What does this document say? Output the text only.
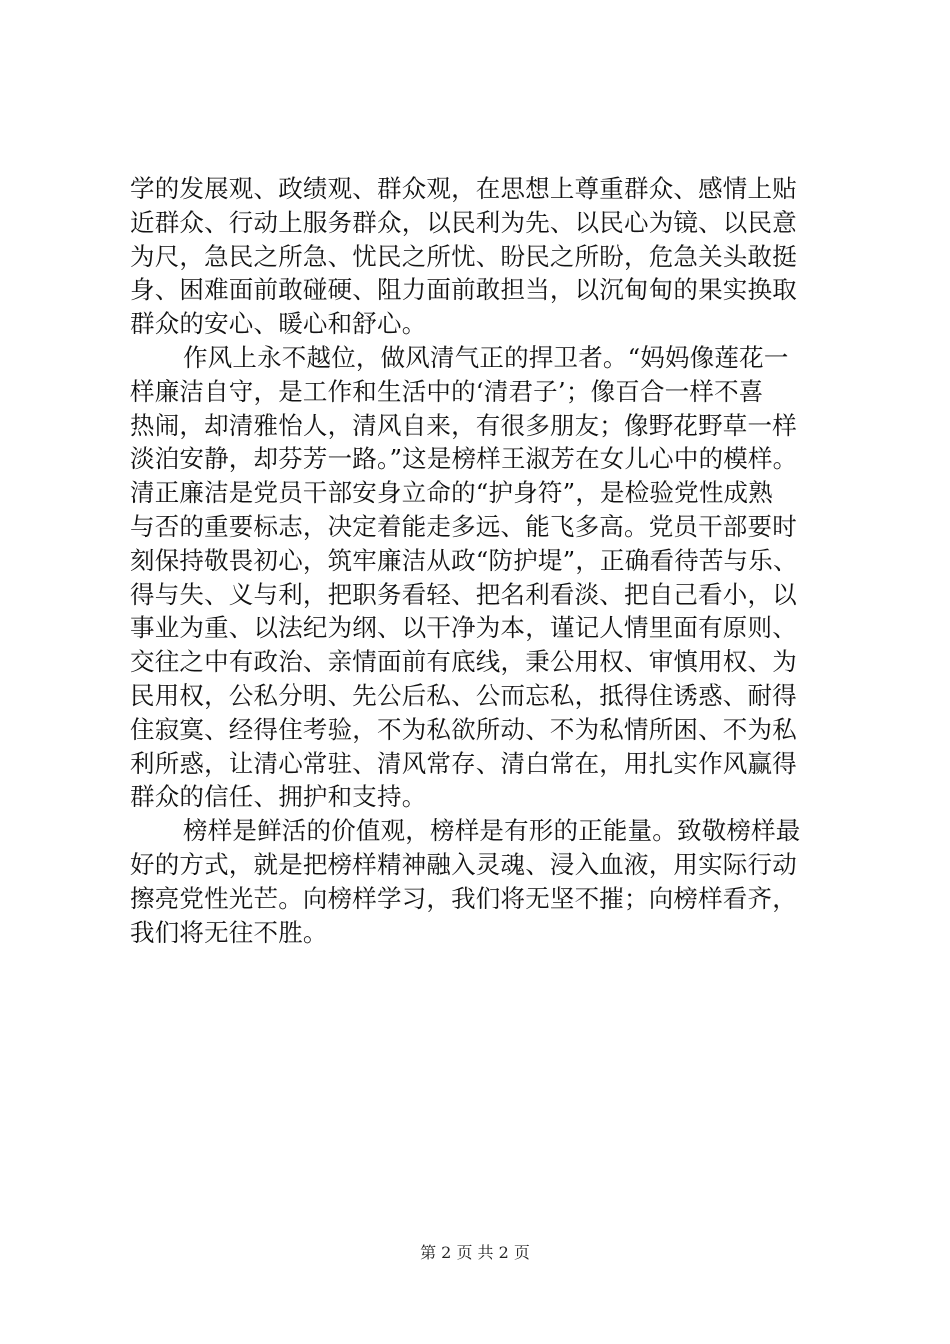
学的发展观、政绩观、群众观，在思想上尊重群众、感情上贴
近群众、行动上服务群众，以民利为先、以民心为镜、以民意
为尺，急民之所急、忧民之所忧、盼民之所盼，危急关头敢挺
身、困难面前敢碰硬、阻力面前敢担当，以沉甸甸的果实换取
群众的安心、暖心和舒心。
作风上永不越位，做风清气正的捍卫者。“妈妈像莲花一
样廉洁自守，是工作和生活中的‘清君子’；像百合一样不喜
热闹，却清雅怡人，清风自来，有很多朋友；像野花野草一样
淡泊安静，却芬芳一路。”这是榜样王淑芳在女儿心中的模样。
清正廉洁是党员干部安身立命的“护身符”，是检验党性成熟
与否的重要标志，决定着能走多远、能飞多高。党员干部要时
刻保持敬畏初心，筑牢廉洁从政“防护堤”，正确看待苦与乐、
得与失、义与利，把职务看轻、把名利看淡、把自己看小，以
事业为重、以法纪为纲、以干净为本，谨记人情里面有原则、
交往之中有政治、亲情面前有底线，秉公用权、审慎用权、为
民用权，公私分明、先公后私、公而忘私，抵得住诱惑、耐得
住寂寞、经得住考验，不为私欲所动、不为私情所困、不为私
利所惑，让清心常驻、清风常存、清白常在，用扎实作风赢得
群众的信任、拥护和支持。
榜样是鲜活的价值观，榜样是有形的正能量。致敬榜样最
好的方式，就是把榜样精神融入灵魂、浸入血液，用实际行动
擦亮党性光芒。向榜样学习，我们将无坚不摧；向榜样看齐，
我们将无往不胜。
第 2 页 共 2 页
